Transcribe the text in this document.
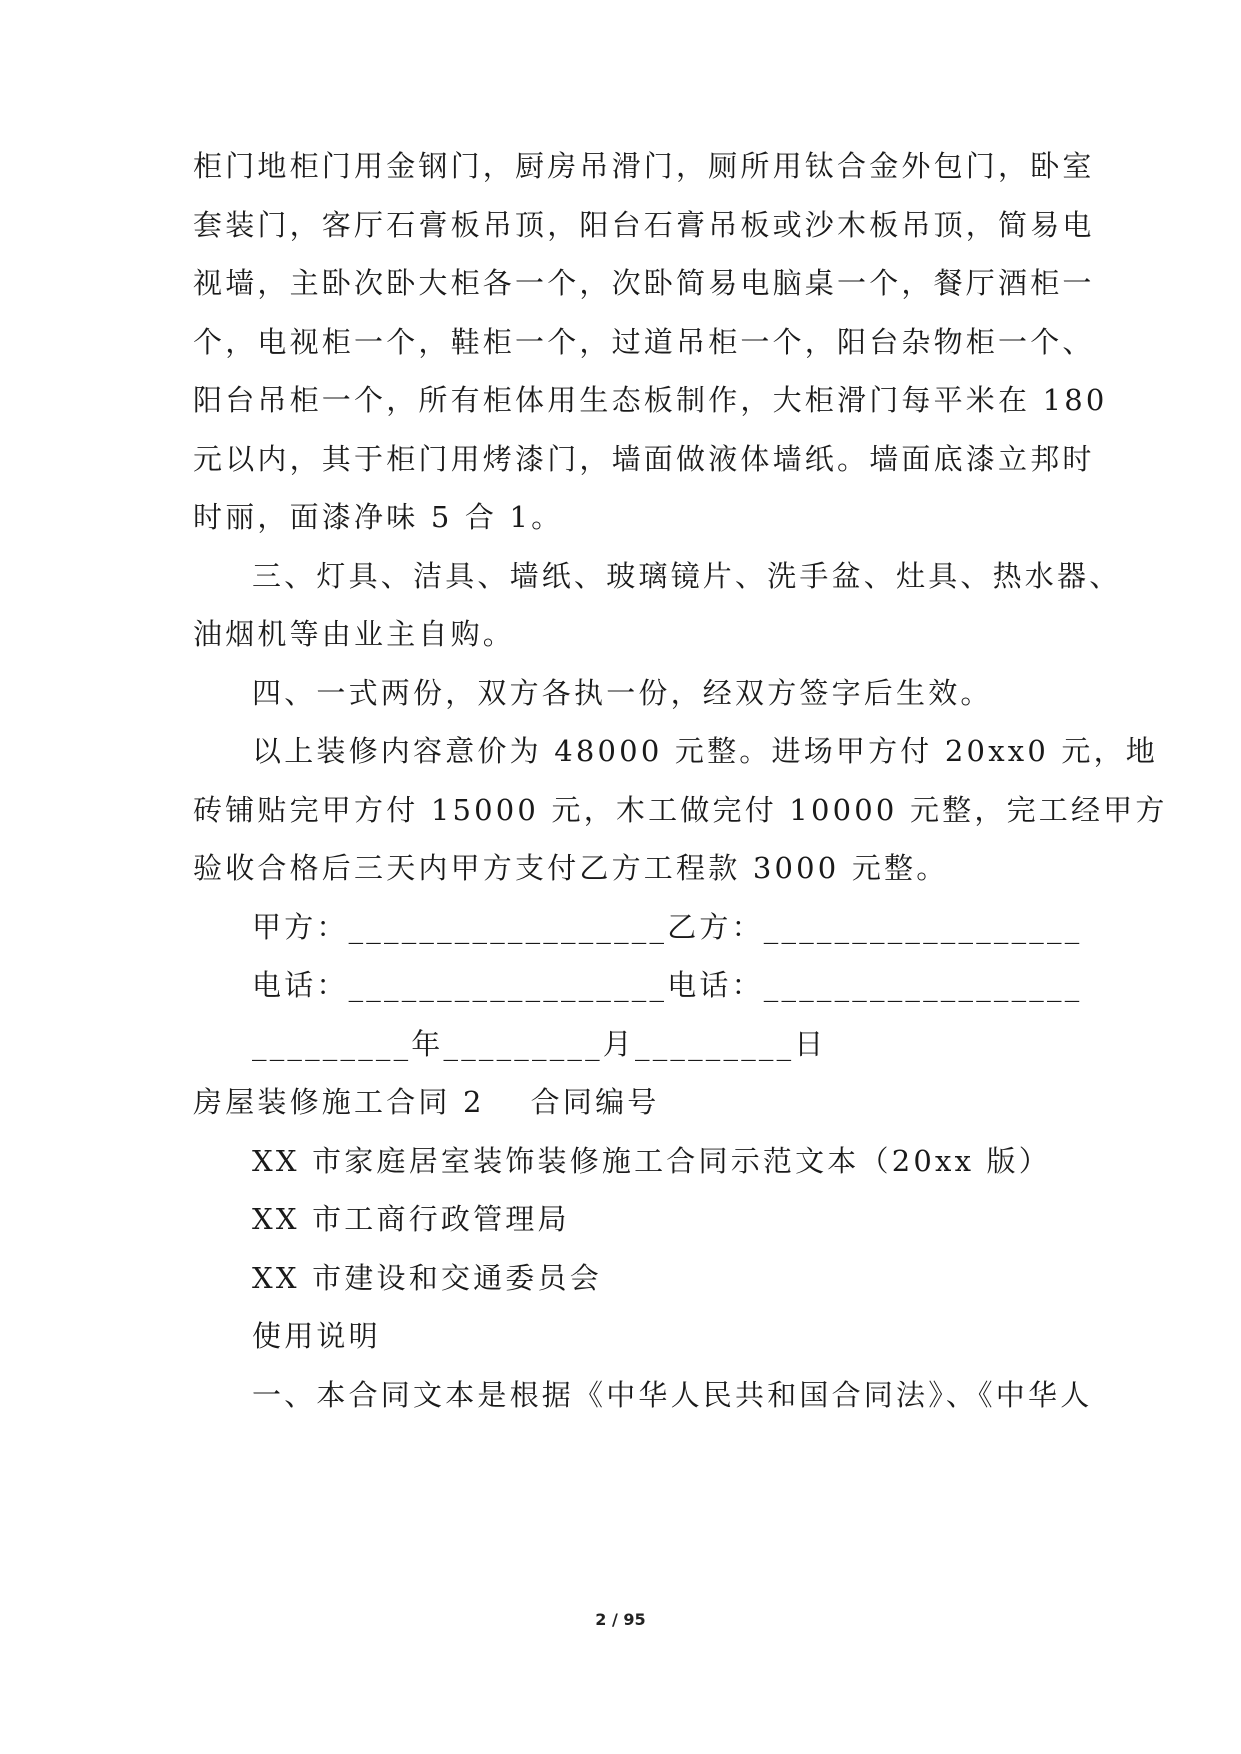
柜门地柜门用金钢门，厨房吊滑门，厕所用钛合金外包门，卧室
套装门，客厅石膏板吊顶，阳台石膏吊板或沙木板吊顶，简易电
视墙，主卧次卧大柜各一个，次卧简易电脑桌一个，餐厅酒柜一
个，电视柜一个，鞋柜一个，过道吊柜一个，阳台杂物柜一个、
阳台吊柜一个，所有柜体用生态板制作，大柜滑门每平米在 180
元以内，其于柜门用烤漆门，墙面做液体墙纸。墙面底漆立邦时
时丽，面漆净味 5 合 1。
三、灯具、洁具、墙纸、玻璃镜片、洗手盆、灶具、热水器、
油烟机等由业主自购。
四、一式两份，双方各执一份，经双方签字后生效。
以上装修内容意价为 48000 元整。进场甲方付 20xx0 元，地
砖铺贴完甲方付 15000 元，木工做完付 10000 元整，完工经甲方
验收合格后三天内甲方支付乙方工程款 3000 元整。
甲方：__________________乙方：__________________
电话：__________________电话：__________________
_________年_________月_________日
房屋装修施工合同 2 合同编号
XX 市家庭居室装饰装修施工合同示范文本（20xx 版）
XX 市工商行政管理局
XX 市建设和交通委员会
使用说明
一、本合同文本是根据《中华人民共和国合同法》、《中华人
2 / 95
